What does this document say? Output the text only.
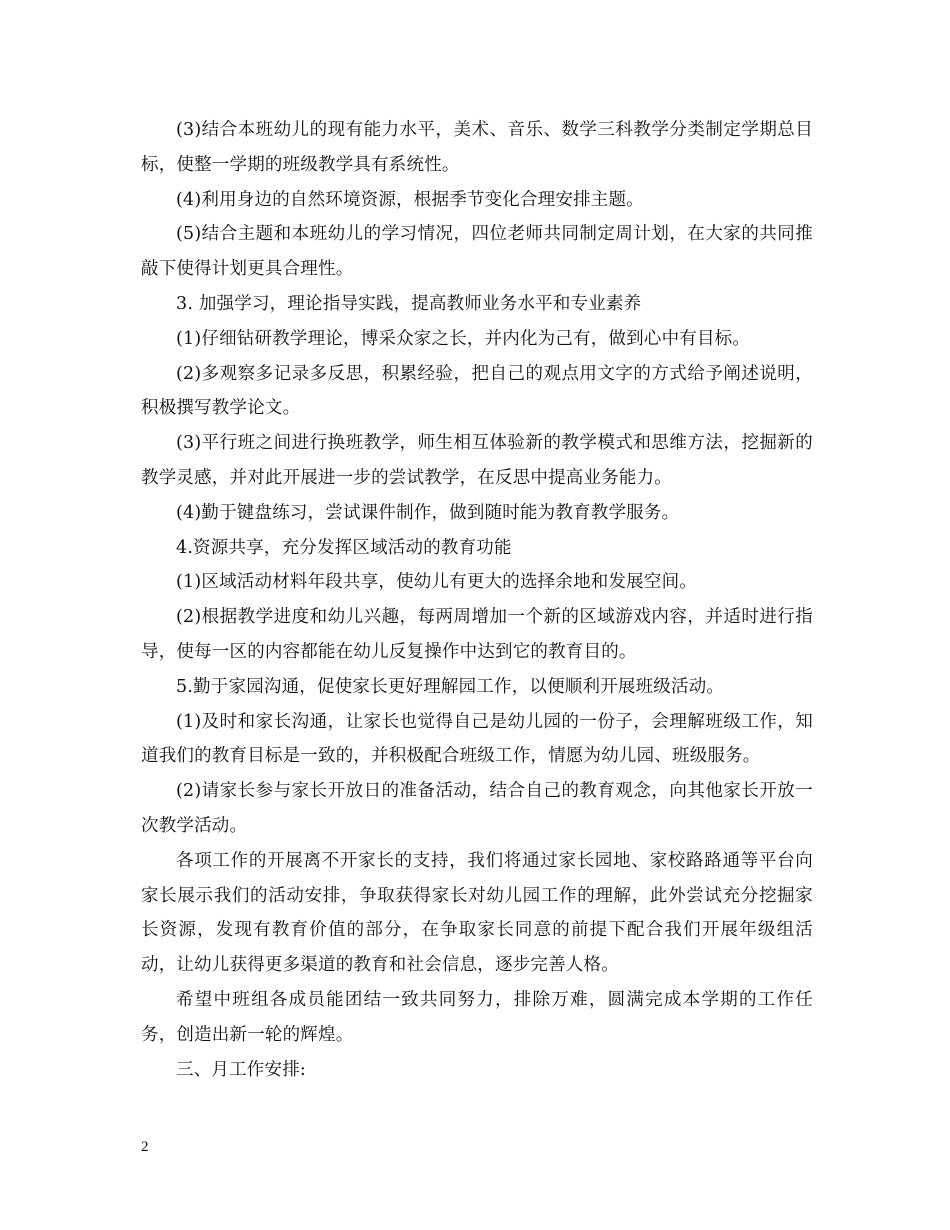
(3)结合本班幼儿的现有能力水平，美术、音乐、数学三科教学分类制定学期总目标，使整一学期的班级教学具有系统性。

(4)利用身边的自然环境资源，根据季节变化合理安排主题。

(5)结合主题和本班幼儿的学习情况，四位老师共同制定周计划，在大家的共同推敲下使得计划更具合理性。

3. 加强学习，理论指导实践，提高教师业务水平和专业素养

(1)仔细钻研教学理论，博采众家之长，并内化为己有，做到心中有目标。

(2)多观察多记录多反思，积累经验，把自己的观点用文字的方式给予阐述说明，积极撰写教学论文。

(3)平行班之间进行换班教学，师生相互体验新的教学模式和思维方法，挖掘新的教学灵感，并对此开展进一步的尝试教学，在反思中提高业务能力。

(4)勤于键盘练习，尝试课件制作，做到随时能为教育教学服务。

4.资源共享，充分发挥区域活动的教育功能

(1)区域活动材料年段共享，使幼儿有更大的选择余地和发展空间。

(2)根据教学进度和幼儿兴趣，每两周增加一个新的区域游戏内容，并适时进行指导，使每一区的内容都能在幼儿反复操作中达到它的教育目的。

5.勤于家园沟通，促使家长更好理解园工作，以便顺利开展班级活动。

(1)及时和家长沟通，让家长也觉得自己是幼儿园的一份子，会理解班级工作，知道我们的教育目标是一致的，并积极配合班级工作，情愿为幼儿园、班级服务。

(2)请家长参与家长开放日的准备活动，结合自己的教育观念，向其他家长开放一次教学活动。

各项工作的开展离不开家长的支持，我们将通过家长园地、家校路路通等平台向家长展示我们的活动安排，争取获得家长对幼儿园工作的理解，此外尝试充分挖掘家长资源，发现有教育价值的部分，在争取家长同意的前提下配合我们开展年级组活动，让幼儿获得更多渠道的教育和社会信息，逐步完善人格。

希望中班组各成员能团结一致共同努力，排除万难，圆满完成本学期的工作任务，创造出新一轮的辉煌。

三、月工作安排:

2
